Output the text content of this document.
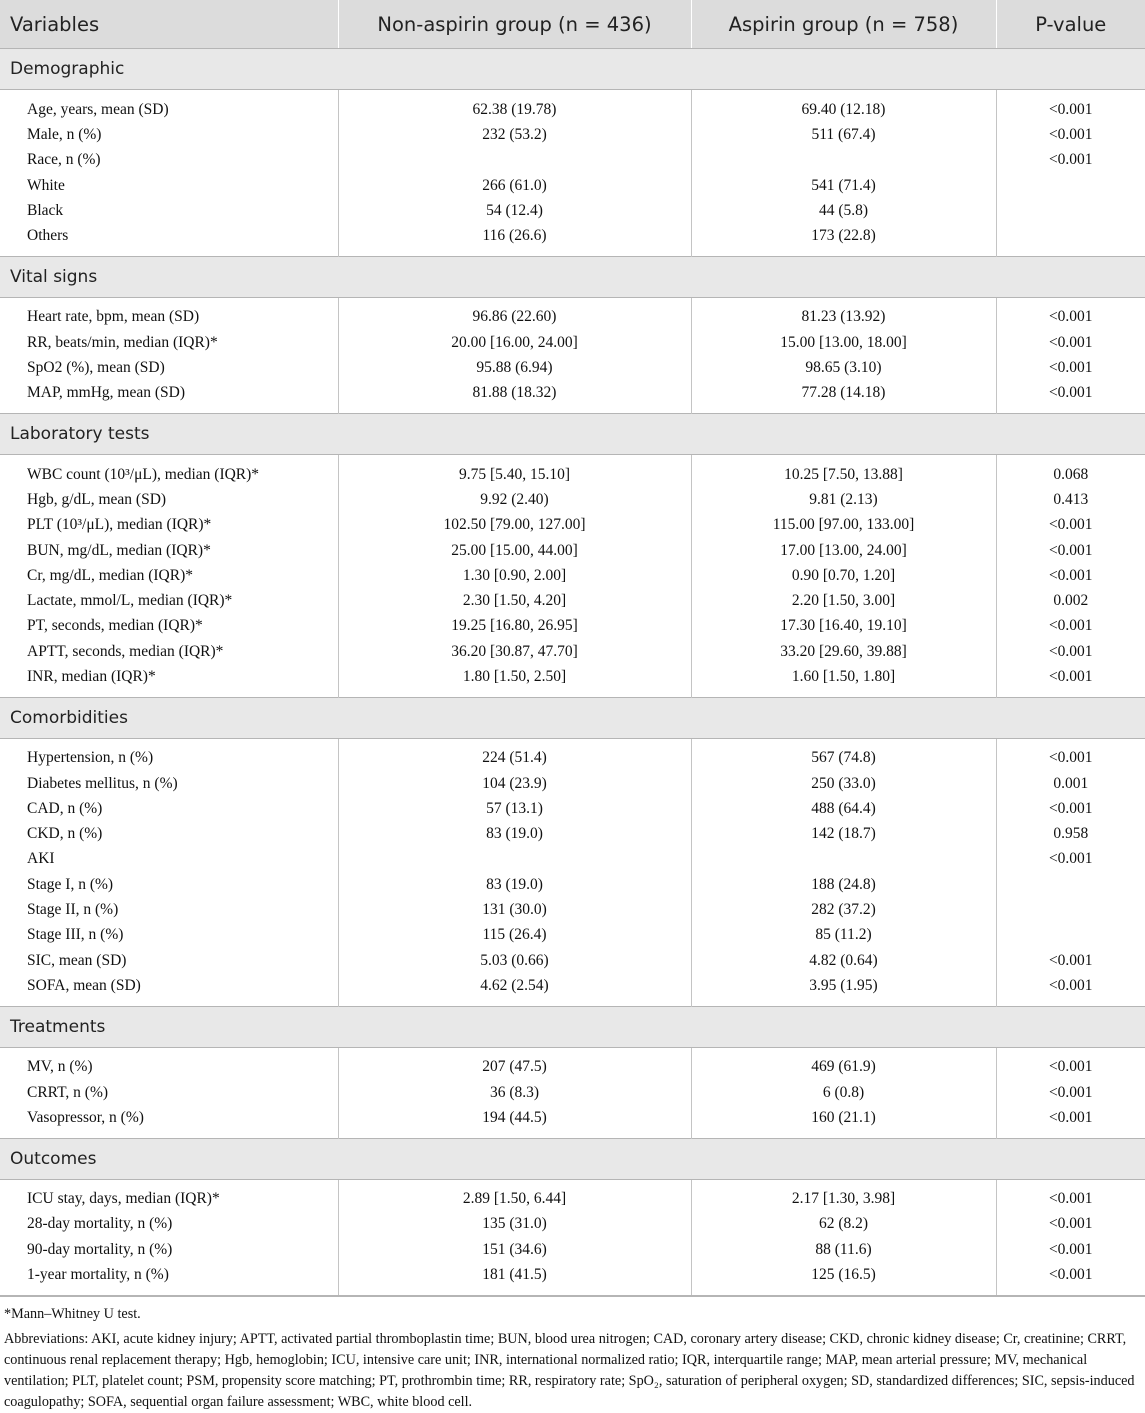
Variables	Non-aspirin group (n = 436)	Aspirin group (n = 758)	P-value
Demographic			

Age, years, mean (SD)	62.38 (19.78)	69.40 (12.18)	<0.001
Male, n (%)	232 (53.2)	511 (67.4)	<0.001
Race, n (%)			<0.001
White	266 (61.0)	541 (71.4)	
Black	54 (12.4)	44 (5.8)	
Others	116 (26.6)	173 (22.8)	

Vital signs			

Heart rate, bpm, mean (SD)	96.86 (22.60)	81.23 (13.92)	<0.001
RR, beats/min, median (IQR)*	20.00 [16.00, 24.00]	15.00 [13.00, 18.00]	<0.001
SpO2 (%), mean (SD)	95.88 (6.94)	98.65 (3.10)	<0.001
MAP, mmHg, mean (SD)	81.88 (18.32)	77.28 (14.18)	<0.001

Laboratory tests			

WBC count (10³/μL), median (IQR)*	9.75 [5.40, 15.10]	10.25 [7.50, 13.88]	0.068
Hgb, g/dL, mean (SD)	9.92 (2.40)	9.81 (2.13)	0.413
PLT (10³/μL), median (IQR)*	102.50 [79.00, 127.00]	115.00 [97.00, 133.00]	<0.001
BUN, mg/dL, median (IQR)*	25.00 [15.00, 44.00]	17.00 [13.00, 24.00]	<0.001
Cr, mg/dL, median (IQR)*	1.30 [0.90, 2.00]	0.90 [0.70, 1.20]	<0.001
Lactate, mmol/L, median (IQR)*	2.30 [1.50, 4.20]	2.20 [1.50, 3.00]	0.002
PT, seconds, median (IQR)*	19.25 [16.80, 26.95]	17.30 [16.40, 19.10]	<0.001
APTT, seconds, median (IQR)*	36.20 [30.87, 47.70]	33.20 [29.60, 39.88]	<0.001
INR, median (IQR)*	1.80 [1.50, 2.50]	1.60 [1.50, 1.80]	<0.001

Comorbidities			

Hypertension, n (%)	224 (51.4)	567 (74.8)	<0.001
Diabetes mellitus, n (%)	104 (23.9)	250 (33.0)	0.001
CAD, n (%)	57 (13.1)	488 (64.4)	<0.001
CKD, n (%)	83 (19.0)	142 (18.7)	0.958
AKI			<0.001
Stage I, n (%)	83 (19.0)	188 (24.8)	
Stage II, n (%)	131 (30.0)	282 (37.2)	
Stage III, n (%)	115 (26.4)	85 (11.2)	
SIC, mean (SD)	5.03 (0.66)	4.82 (0.64)	<0.001
SOFA, mean (SD)	4.62 (2.54)	3.95 (1.95)	<0.001

Treatments			

MV, n (%)	207 (47.5)	469 (61.9)	<0.001
CRRT, n (%)	36 (8.3)	6 (0.8)	<0.001
Vasopressor, n (%)	194 (44.5)	160 (21.1)	<0.001

Outcomes			

ICU stay, days, median (IQR)*	2.89 [1.50, 6.44]	2.17 [1.30, 3.98]	<0.001
28-day mortality, n (%)	135 (31.0)	62 (8.2)	<0.001
90-day mortality, n (%)	151 (34.6)	88 (11.6)	<0.001
1-year mortality, n (%)	181 (41.5)	125 (16.5)	<0.001

*Mann–Whitney U test.

Abbreviations: AKI, acute kidney injury; APTT, activated partial thromboplastin time; BUN, blood urea nitrogen; CAD, coronary artery disease; CKD, chronic kidney disease; Cr, creatinine; CRRT, continuous renal replacement therapy; Hgb, hemoglobin; ICU, intensive care unit; INR, international normalized ratio; IQR, interquartile range; MAP, mean arterial pressure; MV, mechanical ventilation; PLT, platelet count; PSM, propensity score matching; PT, prothrombin time; RR, respiratory rate; SpO₂, saturation of peripheral oxygen; SD, standardized differences; SIC, sepsis-induced coagulopathy; SOFA, sequential organ failure assessment; WBC, white blood cell.
